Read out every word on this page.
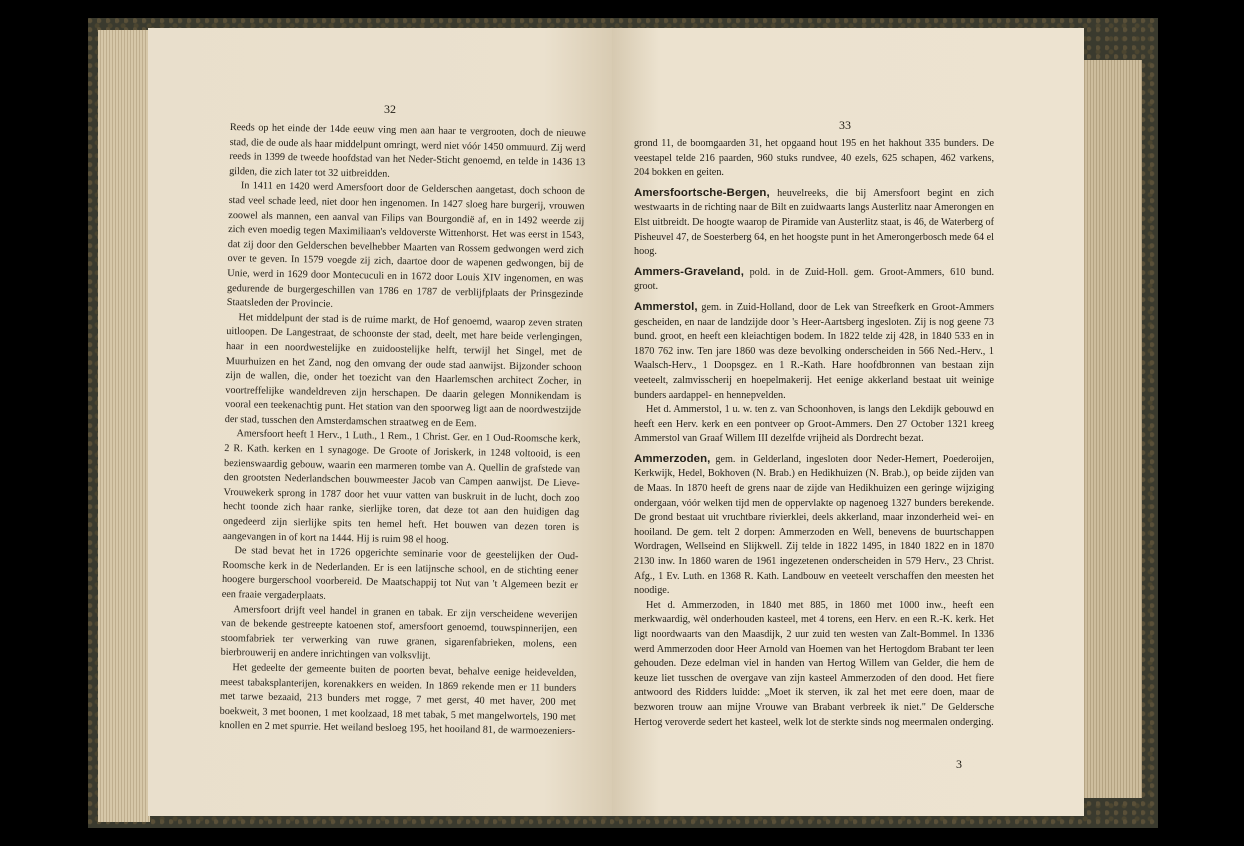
32

Reeds op het einde der 14de eeuw ving men aan haar te vergrooten, doch de nieuwe stad, die de oude als haar middelpunt omringt, werd niet vóór 1450 ommuurd. Zij werd reeds in 1399 de tweede hoofdstad van het Neder-Sticht genoemd, en telde in 1436 13 gilden, die zich later tot 32 uitbreidden.

In 1411 en 1420 werd Amersfoort door de Gelderschen aangetast, doch schoon de stad veel schade leed, niet door hen ingenomen. In 1427 sloeg hare burgerij, vrouwen zoowel als mannen, een aanval van Filips van Bourgondië af, en in 1492 weerde zij zich even moedig tegen Maximiliaan's veldoverste Wittenhorst. Het was eerst in 1543, dat zij door den Gelderschen bevelhebber Maarten van Rossem gedwongen werd zich over te geven. In 1579 voegde zij zich, daartoe door de wapenen gedwongen, bij de Unie, werd in 1629 door Montecuculi en in 1672 door Louis XIV ingenomen, en was gedurende de burgergeschillen van 1786 en 1787 de verblijfplaats der Prinsgezinde Staatsleden der Provincie.

Het middelpunt der stad is de ruime markt, de Hof genoemd, waarop zeven straten uitloopen. De Langestraat, de schoonste der stad, deelt, met hare beide verlengingen, haar in een noordwestelijke en zuidoostelijke helft, terwijl het Singel, met de Muurhuizen en het Zand, nog den omvang der oude stad aanwijst. Bijzonder schoon zijn de wallen, die, onder het toezicht van den Haarlemschen architect Zocher, in voortreffelijke wandeldreven zijn herschapen. De daarin gelegen Monnikendam is vooral een teekenachtig punt. Het station van den spoorweg ligt aan de noordwestzijde der stad, tusschen den Amsterdamschen straatweg en de Eem.

Amersfoort heeft 1 Herv., 1 Luth., 1 Rem., 1 Christ. Ger. en 1 Oud-Roomsche kerk, 2 R. Kath. kerken en 1 synagoge. De Groote of Joriskerk, in 1248 voltooid, is een bezienswaardig gebouw, waarin een marmeren tombe van A. Quellin de grafstede van den grootsten Nederlandschen bouwmeester Jacob van Campen aanwijst. De Lieve-Vrouwekerk sprong in 1787 door het vuur vatten van buskruit in de lucht, doch zoo hecht toonde zich haar ranke, sierlijke toren, dat deze tot aan den huidigen dag ongedeerd zijn sierlijke spits ten hemel heft. Het bouwen van dezen toren is aangevangen in of kort na 1444. Hij is ruim 98 el hoog.

De stad bevat het in 1726 opgerichte seminarie voor de geestelijken der Oud-Roomsche kerk in de Nederlanden. Er is een latijnsche school, en de stichting eener hoogere burgerschool voorbereid. De Maatschappij tot Nut van 't Algemeen bezit er een fraaie vergaderplaats.

Amersfoort drijft veel handel in granen en tabak. Er zijn verscheidene weverijen van de bekende gestreepte katoenen stof, amersfoort genoemd, touwspinnerijen, een stoomfabriek ter verwerking van ruwe granen, sigarenfabrieken, molens, een bierbrouwerij en andere inrichtingen van volksvlijt.

Het gedeelte der gemeente buiten de poorten bevat, behalve eenige heidevelden, meest tabaksplanterijen, korenakkers en weiden. In 1869 rekende men er 11 bunders met tarwe bezaaid, 213 bunders met rogge, 7 met gerst, 40 met haver, 200 met boekweit, 3 met boonen, 1 met koolzaad, 18 met tabak, 5 met mangelwortels, 190 met knollen en 2 met spurrie. Het weiland besloeg 195, het hooiland 81, de warmoezeniers-

33

grond 11, de boomgaarden 31, het opgaand hout 195 en het hakhout 335 bunders. De veestapel telde 216 paarden, 960 stuks rundvee, 40 ezels, 625 schapen, 462 varkens, 204 bokken en geiten.

Amersfoortsche-Bergen, heuvelreeks, die bij Amersfoort begint en zich westwaarts in de richting naar de Bilt en zuidwaarts langs Austerlitz naar Amerongen en Elst uitbreidt. De hoogte waarop de Piramide van Austerlitz staat, is 46, de Waterberg of Pisheuvel 47, de Soesterberg 64, en het hoogste punt in het Amerongerbosch mede 64 el hoog.

Ammers-Graveland, pold. in de Zuid-Holl. gem. Groot-Ammers, 610 bund. groot.

Ammerstol, gem. in Zuid-Holland, door de Lek van Streefkerk en Groot-Ammers gescheiden, en naar de landzijde door 's Heer-Aartsberg ingesloten. Zij is nog geene 73 bund. groot, en heeft een kleiachtigen bodem. In 1822 telde zij 428, in 1840 533 en in 1870 762 inw. Ten jare 1860 was deze bevolking onderscheiden in 566 Ned.-Herv., 1 Waalsch-Herv., 1 Doopsgez. en 1 R.-Kath. Hare hoofdbronnen van bestaan zijn veeteelt, zalmvisscherij en hoepelmakerij. Het eenige akkerland bestaat uit weinige bunders aardappel- en hennepvelden.

Het d. Ammerstol, 1 u. w. ten z. van Schoonhoven, is langs den Lekdijk gebouwd en heeft een Herv. kerk en een pontveer op Groot-Ammers. Den 27 October 1321 kreeg Ammerstol van Graaf Willem III dezelfde vrijheid als Dordrecht bezat.

Ammerzoden, gem. in Gelderland, ingesloten door Neder-Hemert, Poederoijen, Kerkwijk, Hedel, Bokhoven (N. Brab.) en Hedikhuizen (N. Brab.), op beide zijden van de Maas. In 1870 heeft de grens naar de zijde van Hedikhuizen een geringe wijziging ondergaan, vóór welken tijd men de oppervlakte op nagenoeg 1327 bunders berekende. De grond bestaat uit vruchtbare rivierklei, deels akkerland, maar inzonderheid wei- en hooiland. De gem. telt 2 dorpen: Ammerzoden en Well, benevens de buurtschappen Wordragen, Wellseind en Slijkwell. Zij telde in 1822 1495, in 1840 1822 en in 1870 2130 inw. In 1860 waren de 1961 ingezetenen onderscheiden in 579 Herv., 23 Christ. Afg., 1 Ev. Luth. en 1368 R. Kath. Landbouw en veeteelt verschaffen den meesten het noodige.

Het d. Ammerzoden, in 1840 met 885, in 1860 met 1000 inw., heeft een merkwaardig, wèl onderhouden kasteel, met 4 torens, een Herv. en een R.-K. kerk. Het ligt noordwaarts van den Maasdijk, 2 uur zuid ten westen van Zalt-Bommel. In 1336 werd Ammerzoden door Heer Arnold van Hoemen van het Hertogdom Brabant ter leen gehouden. Deze edelman viel in handen van Hertog Willem van Gelder, die hem de keuze liet tusschen de overgave van zijn kasteel Ammerzoden of den dood. Het fiere antwoord des Ridders luidde: „Moet ik sterven, ik zal het met eere doen, maar de bezworen trouw aan mijne Vrouwe van Brabant verbreek ik niet." De Geldersche Hertog veroverde sedert het kasteel, welk lot de sterkte sinds nog meermalen onderging.

3
